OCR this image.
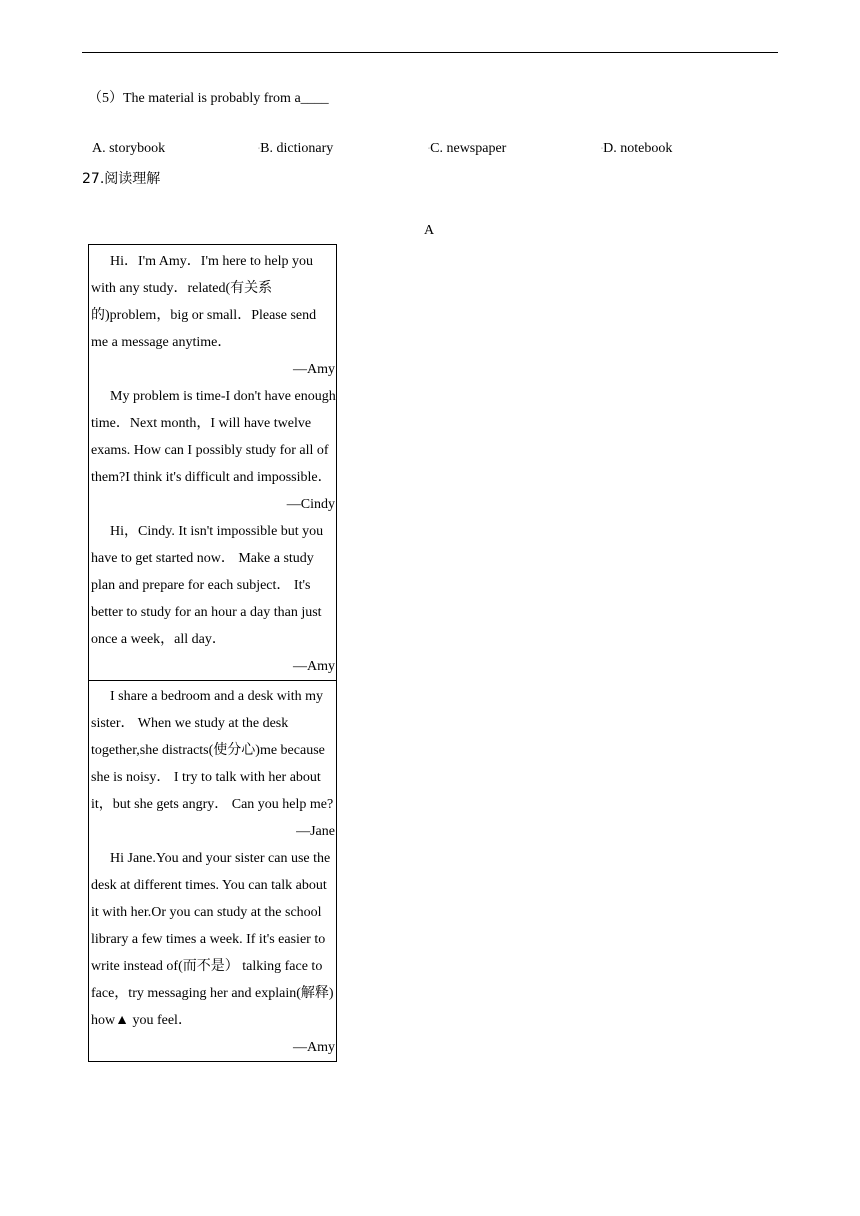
（5）The material is probably from a____
A. storybook	◦B. dictionary	◦C. newspaper	◦D. notebook
27.阅读理解
A

Hi．I'm Amy．I'm here to help you with any study．related(有关系的)problem，big or small．Please send me a message anytime．

—Amy

My problem is time-I don't have enough time．Next month，I will have twelve exams. How can I possibly study for all of them?I think it's difficult and impossible．

—Cindy

Hi，Cindy. It isn't impossible but you have to get started now． Make a study plan and prepare for each subject． It's better to study for an hour a day than just once a week，all day．

—Amy

I share a bedroom and a desk with my sister． When we study at the desk together,she distracts(使分心)me because she is noisy． I try to talk with her about it，but she gets angry． Can you help me?

—Jane

Hi Jane.You and your sister can use the desk at different times. You can talk about it with her.Or you can study at the school library a few times a week. If it's easier to write instead of(而不是） talking face to face，try messaging her and explain(解释) how▲ you feel．

—Amy
